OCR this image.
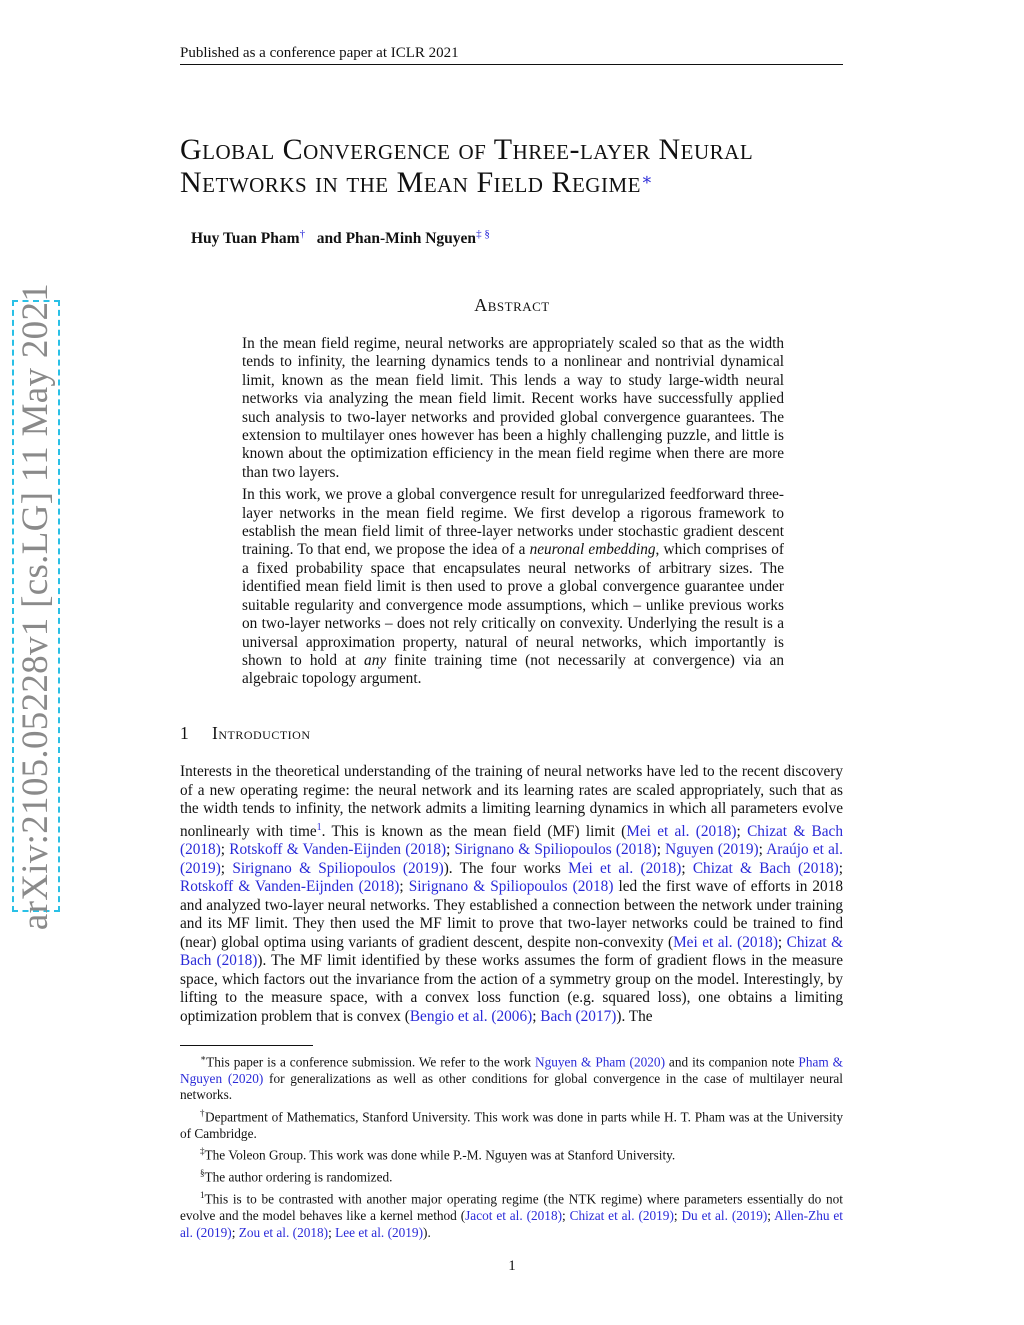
Published as a conference paper at ICLR 2021
arXiv:2105.05228v1 [cs.LG] 11 May 2021
Global Convergence of Three-layer Neural
Networks in the Mean Field Regime∗
Huy Tuan Pham† and Phan-Minh Nguyen‡ §
Abstract

In the mean field regime, neural networks are appropriately scaled so that as the width tends to infinity, the learning dynamics tends to a nonlinear and nontrivial dynamical limit, known as the mean field limit. This lends a way to study large-width neural networks via analyzing the mean field limit. Recent works have successfully applied such analysis to two-layer networks and provided global convergence guarantees. The extension to multilayer ones however has been a highly challenging puzzle, and little is known about the optimization efficiency in the mean field regime when there are more than two layers.

In this work, we prove a global convergence result for unregularized feedforward three-layer networks in the mean field regime. We first develop a rigorous framework to establish the mean field limit of three-layer networks under stochastic gradient descent training. To that end, we propose the idea of a neuronal embedding, which comprises of a fixed probability space that encapsulates neural networks of arbitrary sizes. The identified mean field limit is then used to prove a global convergence guarantee under suitable regularity and convergence mode assumptions, which – unlike previous works on two-layer networks – does not rely critically on convexity. Underlying the result is a universal approximation property, natural of neural networks, which importantly is shown to hold at any finite training time (not necessarily at convergence) via an algebraic topology argument.

1 Introduction

Interests in the theoretical understanding of the training of neural networks have led to the recent discovery of a new operating regime: the neural network and its learning rates are scaled appropriately, such that as the width tends to infinity, the network admits a limiting learning dynamics in which all parameters evolve nonlinearly with time$^1$. This is known as the mean field (MF) limit (Mei et al. (2018); Chizat & Bach (2018); Rotskoff & Vanden-Eijnden (2018); Sirignano & Spiliopoulos (2018); Nguyen (2019); Araújo et al. (2019); Sirignano & Spiliopoulos (2019)). The four works Mei et al. (2018); Chizat & Bach (2018); Rotskoff & Vanden-Eijnden (2018); Sirignano & Spiliopoulos (2018) led the first wave of efforts in 2018 and analyzed two-layer neural networks. They established a connection between the network under training and its MF limit. They then used the MF limit to prove that two-layer networks could be trained to find (near) global optima using variants of gradient descent, despite non-convexity (Mei et al. (2018); Chizat & Bach (2018)). The MF limit identified by these works assumes the form of gradient flows in the measure space, which factors out the invariance from the action of a symmetry group on the model. Interestingly, by lifting to the measure space, with a convex loss function (e.g. squared loss), one obtains a limiting optimization problem that is convex (Bengio et al. (2006); Bach (2017)). The

∗This paper is a conference submission. We refer to the work Nguyen & Pham (2020) and its companion note Pham & Nguyen (2020) for generalizations as well as other conditions for global convergence in the case of multilayer neural networks.

†Department of Mathematics, Stanford University. This work was done in parts while H. T. Pham was at the University of Cambridge.

‡The Voleon Group. This work was done while P.-M. Nguyen was at Stanford University.

§The author ordering is randomized.

$^1$This is to be contrasted with another major operating regime (the NTK regime) where parameters essentially do not evolve and the model behaves like a kernel method (Jacot et al. (2018); Chizat et al. (2019); Du et al. (2019); Allen-Zhu et al. (2019); Zou et al. (2018); Lee et al. (2019)).

1
